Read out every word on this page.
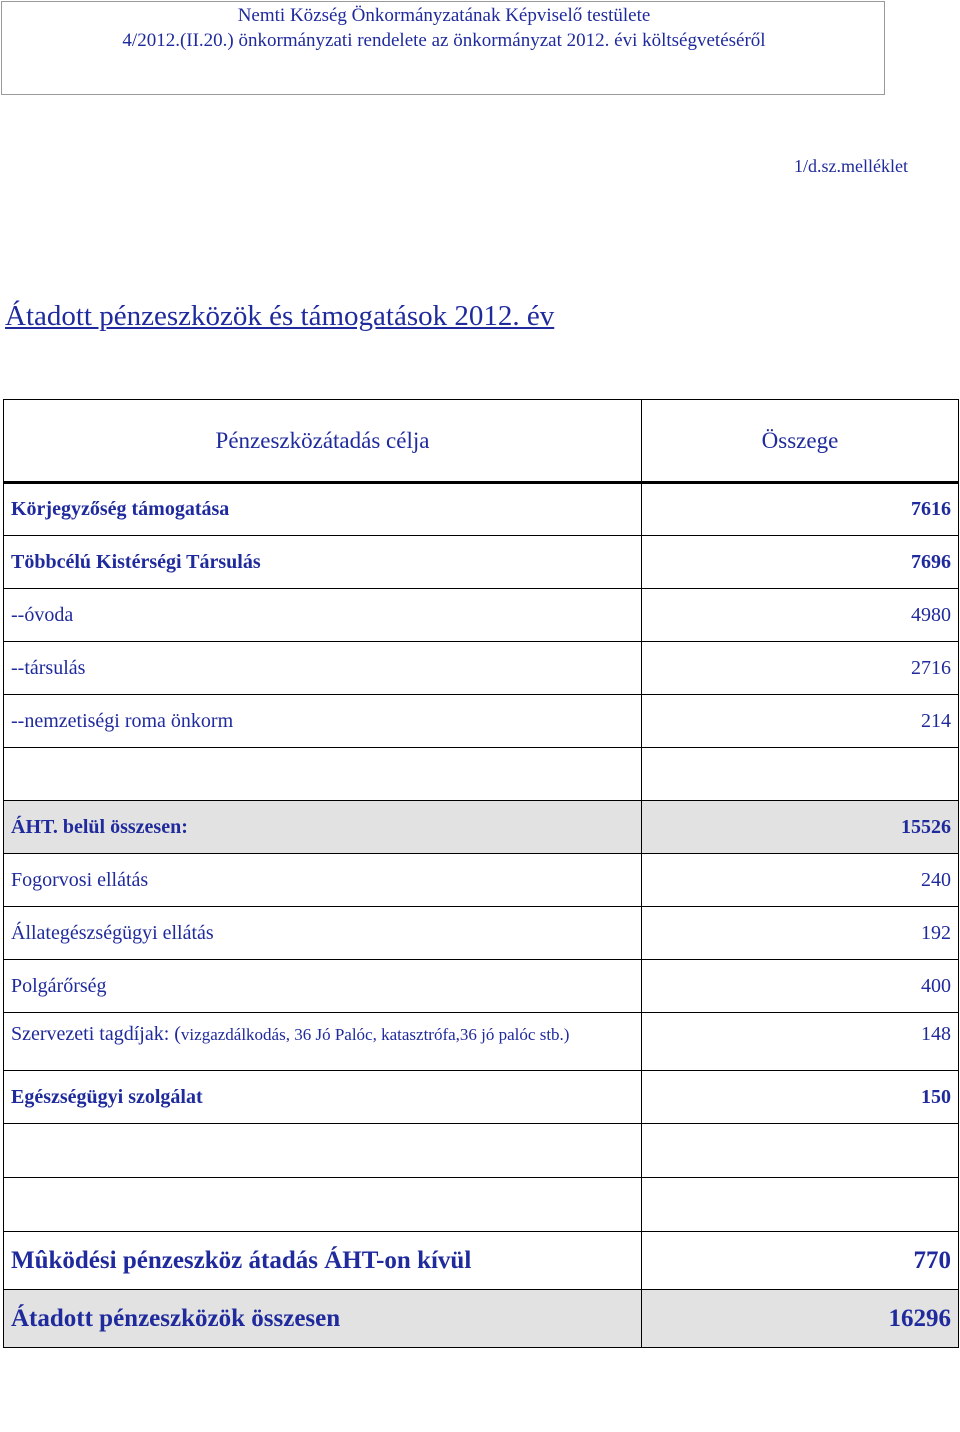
Nemti Község Önkormányzatának Képviselő testülete
4/2012.(II.20.) önkormányzati rendelete az önkormányzat 2012. évi költségvetéséről
1/d.sz.melléklet
Átadott pénzeszközök és támogatások 2012. év
Pénzeszközátadás célja	Összege
Körjegyzőség támogatása	7616
Többcélú Kistérségi Társulás	7696
--óvoda	4980
--társulás	2716
--nemzetiségi roma önkorm	214

ÁHT. belül összesen:	15526
Fogorvosi ellátás	240
Állategészségügyi ellátás	192
Polgárőrség	400
Szervezeti tagdíjak: (vizgazdálkodás, 36 Jó Palóc, katasztrófa,36 jó palóc stb.)	148
Egészségügyi szolgálat	150

Mûködési pénzeszköz átadás ÁHT-on kívül	770
Átadott pénzeszközök összesen	16296
